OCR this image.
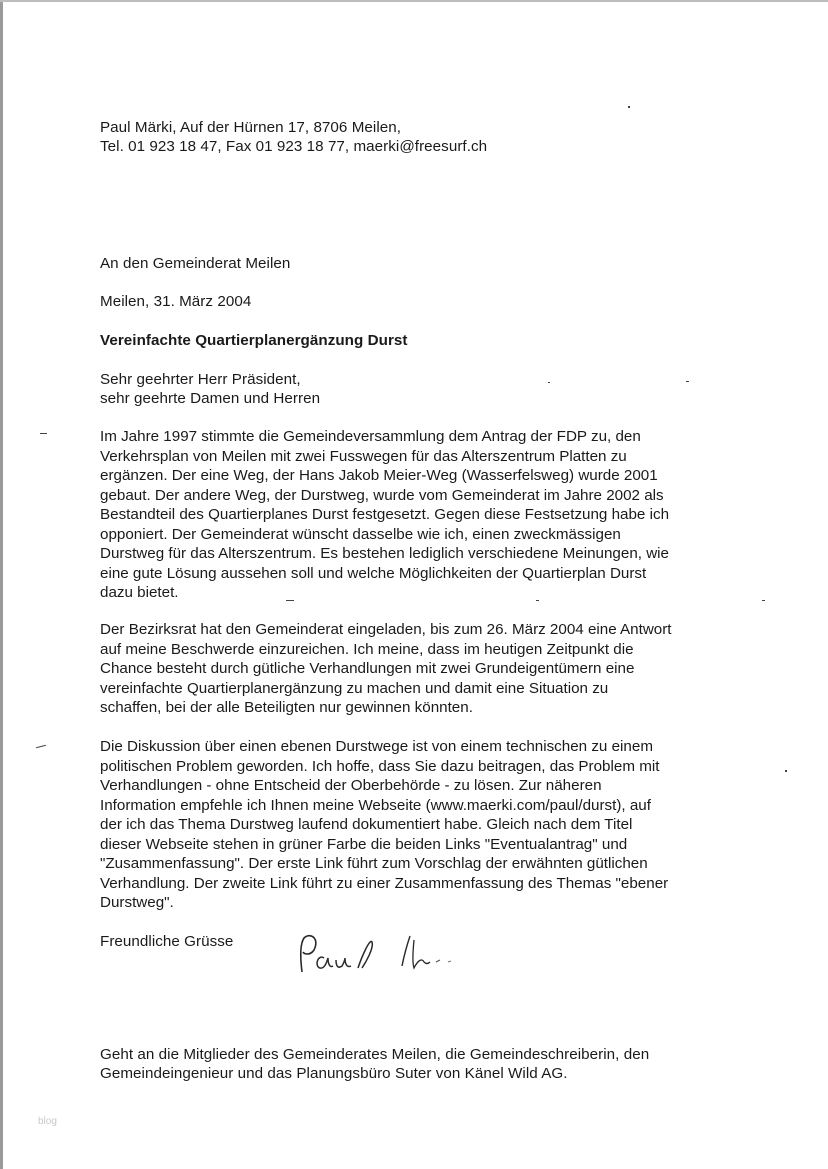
Paul Märki, Auf der Hürnen 17, 8706 Meilen,
Tel. 01 923 18 47, Fax 01 923 18 77, maerki@freesurf.ch
An den Gemeinderat Meilen
Meilen, 31. März 2004
Vereinfachte Quartierplanergänzung Durst
Sehr geehrter Herr Präsident,
sehr geehrte Damen und Herren
Im Jahre 1997 stimmte die Gemeindeversammlung dem Antrag der FDP zu, den
Verkehrsplan von Meilen mit zwei Fusswegen für das Alterszentrum Platten zu
ergänzen. Der eine Weg, der Hans Jakob Meier-Weg (Wasserfelsweg) wurde 2001
gebaut. Der andere Weg, der Durstweg, wurde vom Gemeinderat im Jahre 2002 als
Bestandteil des Quartierplanes Durst festgesetzt. Gegen diese Festsetzung habe ich
opponiert. Der Gemeinderat wünscht dasselbe wie ich, einen zweckmässigen
Durstweg für das Alterszentrum. Es bestehen lediglich verschiedene Meinungen, wie
eine gute Lösung aussehen soll und welche Möglichkeiten der Quartierplan Durst
dazu bietet.
Der Bezirksrat hat den Gemeinderat eingeladen, bis zum 26. März 2004 eine Antwort
auf meine Beschwerde einzureichen. Ich meine, dass im heutigen Zeitpunkt die
Chance besteht durch gütliche Verhandlungen mit zwei Grundeigentümern eine
vereinfachte Quartierplanergänzung zu machen und damit eine Situation zu
schaffen, bei der alle Beteiligten nur gewinnen könnten.
Die Diskussion über einen ebenen Durstwege ist von einem technischen zu einem
politischen Problem geworden. Ich hoffe, dass Sie dazu beitragen, das Problem mit
Verhandlungen - ohne Entscheid der Oberbehörde - zu lösen. Zur näheren
Information empfehle ich Ihnen meine Webseite (www.maerki.com/paul/durst), auf
der ich das Thema Durstweg laufend dokumentiert habe. Gleich nach dem Titel
dieser Webseite stehen in grüner Farbe die beiden Links "Eventualantrag" und
"Zusammenfassung". Der erste Link führt zum Vorschlag der erwähnten gütlichen
Verhandlung. Der zweite Link führt zu einer Zusammenfassung des Themas "ebener
Durstweg".
Freundliche Grüsse
Geht an die Mitglieder des Gemeinderates Meilen, die Gemeindeschreiberin, den
Gemeindeingenieur und das Planungsbüro Suter von Känel Wild AG.
blog
